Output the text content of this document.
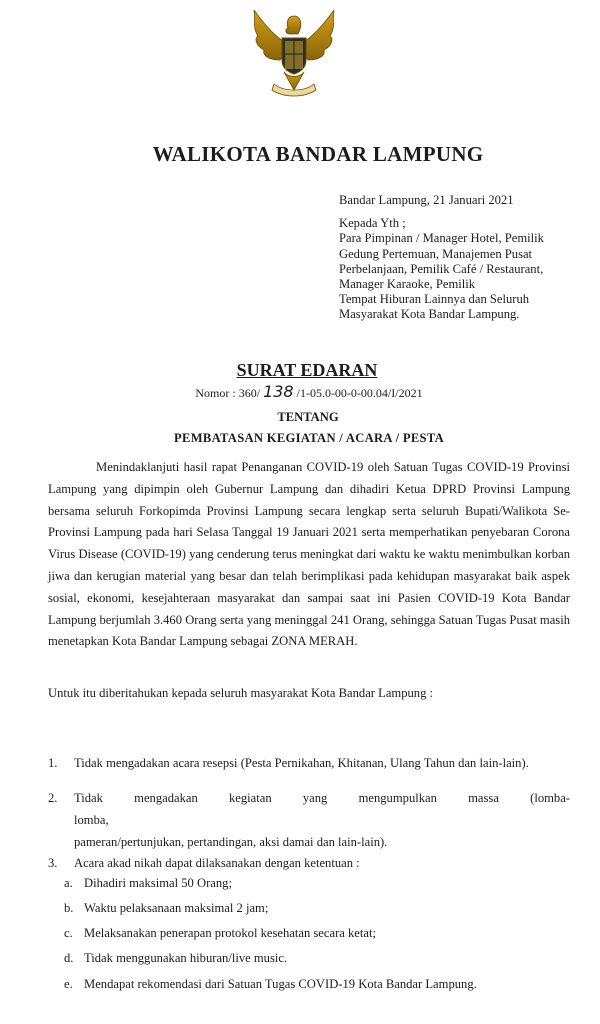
WALIKOTA BANDAR LAMPUNG
Bandar Lampung, 21 Januari 2021
Kepada Yth ;
Para Pimpinan / Manager Hotel, Pemilik
Gedung Pertemuan, Manajemen Pusat
Perbelanjaan, Pemilik Café / Restaurant,
Manager Karaoke, Pemilik
Tempat Hiburan Lainnya dan Seluruh
Masyarakat Kota Bandar Lampung.
SURAT EDARAN
Nomor : 360/ 138 /1-05.0-00-0-00.04/I/2021
TENTANG
PEMBATASAN KEGIATAN / ACARA / PESTA
Menindaklanjuti hasil rapat Penanganan COVID-19 oleh Satuan Tugas COVID-19 Provinsi Lampung yang dipimpin oleh Gubernur Lampung dan dihadiri Ketua DPRD Provinsi Lampung bersama seluruh Forkopimda Provinsi Lampung secara lengkap serta seluruh Bupati/Walikota Se-Provinsi Lampung pada hari Selasa Tanggal 19 Januari 2021 serta memperhatikan penyebaran Corona Virus Disease (COVID-19) yang cenderung terus meningkat dari waktu ke waktu menimbulkan korban jiwa dan kerugian material yang besar dan telah berimplikasi pada kehidupan masyarakat baik aspek sosial, ekonomi, kesejahteraan masyarakat dan sampai saat ini Pasien COVID-19 Kota Bandar Lampung berjumlah 3.460 Orang serta yang meninggal 241 Orang, sehingga Satuan Tugas Pusat masih menetapkan Kota Bandar Lampung sebagai ZONA MERAH.
Untuk itu diberitahukan kepada seluruh masyarakat Kota Bandar Lampung :
1. Tidak mengadakan acara resepsi (Pesta Pernikahan, Khitanan, Ulang Tahun dan lain-lain).
2. Tidak mengadakan kegiatan yang mengumpulkan massa (lomba-lomba,
pameran/pertunjukan, pertandingan, aksi damai dan lain-lain).
3. Acara akad nikah dapat dilaksanakan dengan ketentuan :
a. Dihadiri maksimal 50 Orang;
b. Waktu pelaksanaan maksimal 2 jam;
c. Melaksanakan penerapan protokol kesehatan secara ketat;
d. Tidak menggunakan hiburan/live music.
e. Mendapat rekomendasi dari Satuan Tugas COVID-19 Kota Bandar Lampung.
